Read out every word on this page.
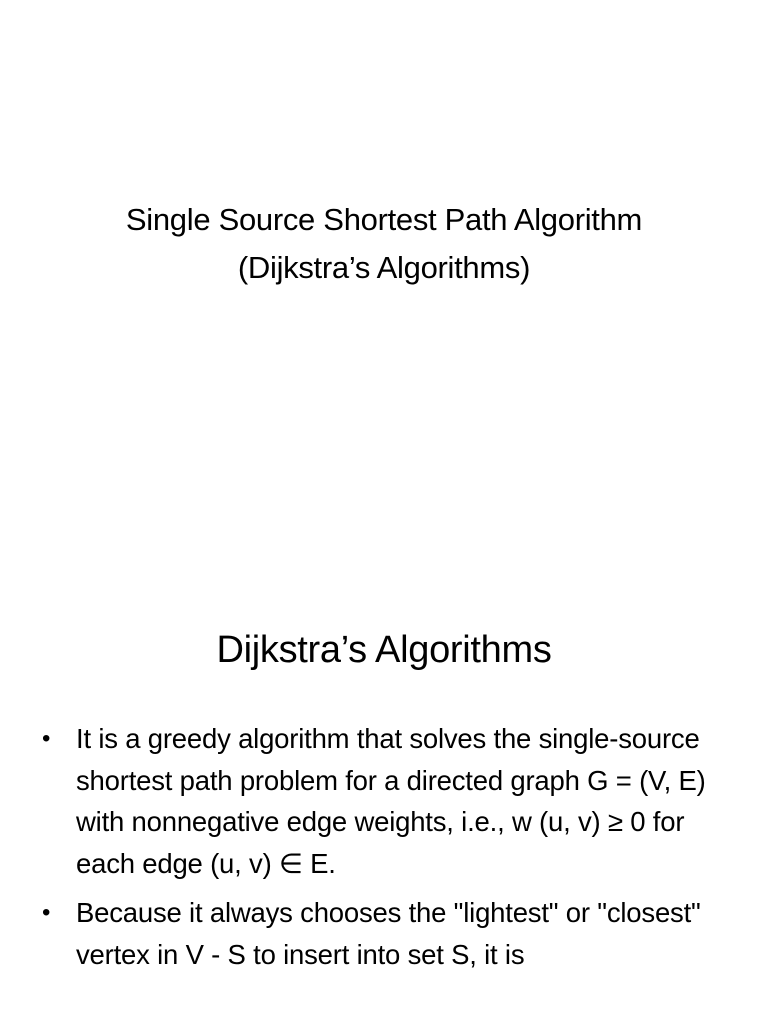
Single Source Shortest Path Algorithm
(Dijkstra’s Algorithms)
Dijkstra’s Algorithms
• It is a greedy algorithm that solves the single-source shortest path problem for a directed graph G = (V, E) with nonnegative edge weights, i.e., w (u, v) ≥ 0 for each edge (u, v) ∈ E.
• Because it always chooses the "lightest" or "closest" vertex in V - S to insert into set S, it is
